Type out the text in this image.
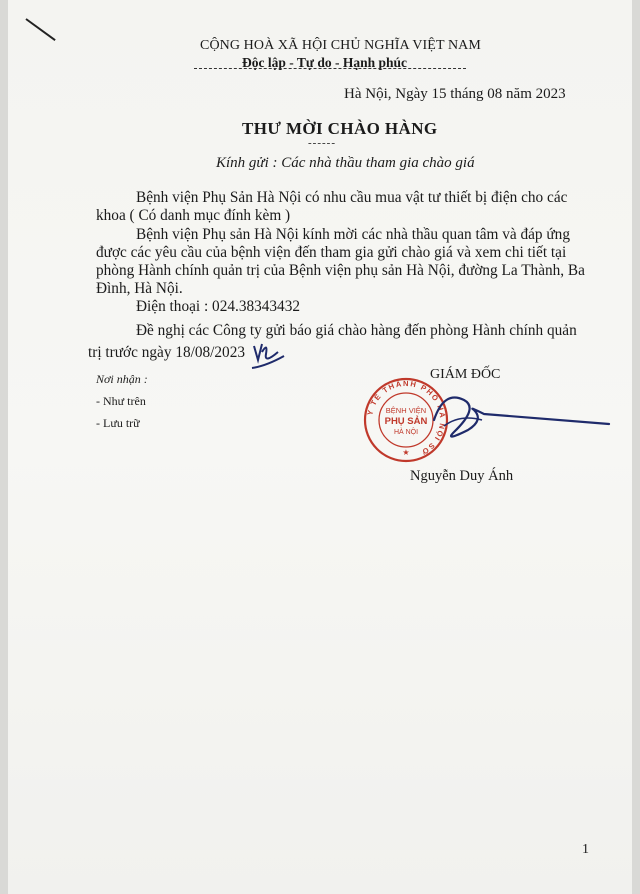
CỘNG HOÀ XÃ HỘI CHỦ NGHĨA VIỆT NAM
Độc lập - Tự do - Hạnh phúc
Hà Nội, Ngày 15 tháng 08 năm 2023
THƯ MỜI CHÀO HÀNG
------
Kính gửi : Các nhà thầu tham gia chào giá
Bệnh viện Phụ Sản Hà Nội có nhu cầu mua vật tư thiết bị điện cho các
khoa ( Có danh mục đính kèm )
Bệnh viện Phụ sản Hà Nội kính mời các nhà thầu quan tâm và đáp ứng
được các yêu cầu của bệnh viện đến tham gia gửi chào giá và xem chi tiết tại
phòng Hành chính quản trị của Bệnh viện phụ sản Hà Nội, đường La Thành, Ba
Đình, Hà Nội.
Điện thoại : 024.38343432
Đề nghị các Công ty gửi báo giá chào hàng đến phòng Hành chính quản
trị trước ngày 18/08/2023
Nơi nhận :
- Như trên
- Lưu trữ
GIÁM ĐỐC
Y TẾ THÀNH PHỐ HÀ NỘI SỞ
BỆNH VIỆN
PHỤ SẢN
HÀ NỘI
★
Nguyễn Duy Ánh
1
